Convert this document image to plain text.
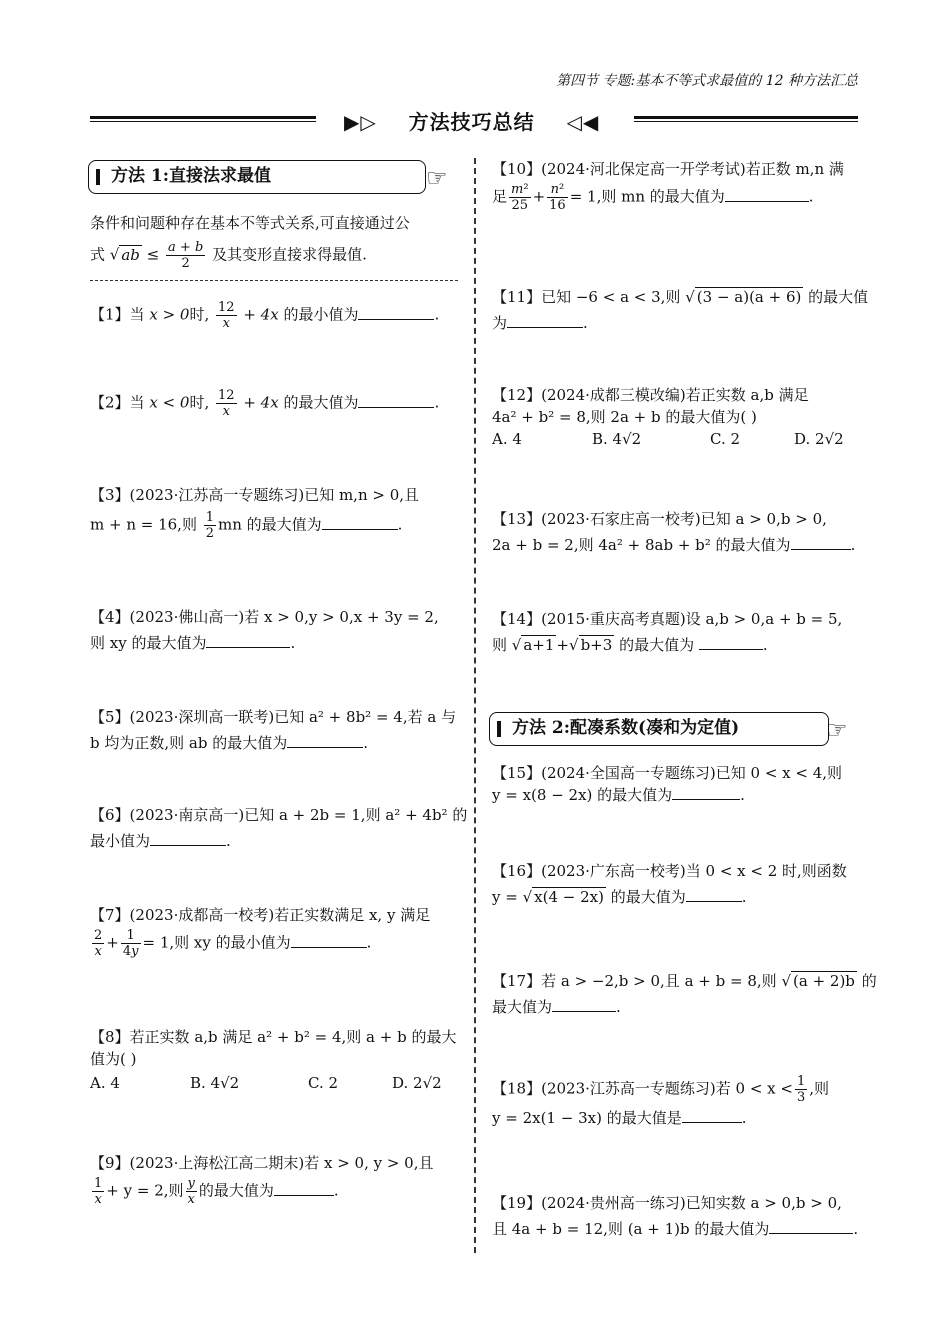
第四节 专题:基本不等式求最值的 12 种方法汇总
▶▷ 方法技巧总结 ◁◀
方法 1:直接法求最值	☞
条件和问题种存在基本不等式关系,可直接通过公
式 √ ab ≤ $\frac{a + b}{2}$ 及其变形直接求得最值.
【1】当 x > 0时, $\frac{12}{x} + 4x$ 的最小值为	.
【2】当 x < 0时, $\frac{12}{x} + 4x$ 的最大值为	.
【3】(2023·江苏高一专题练习)已知 m,n > 0,且
m + n = 16,则 $\frac{1}{2}$ mn 的最大值为	.
【4】(2023·佛山高一)若 x > 0,y > 0,x + 3y = 2,
则 xy 的最大值为	.
【5】(2023·深圳高一联考)已知 a² + 8b² = 4,若 a 与
b 均为正数,则 ab 的最大值为	.
【6】(2023·南京高一)已知 a + 2b = 1,则 a² + 4b² 的
最小值为	.
【7】(2023·成都高一校考)若正实数满足 x, y 满足
$\frac{2}{x} + \frac{1}{4y} = 1$,则 xy 的最小值为	.
【8】若正实数 a,b 满足 a² + b² = 4,则 a + b 的最大
值为( )
A. 4	B. 4√2	C. 2	D. 2√2
【9】(2023·上海松江高二期末)若 x > 0, y > 0,且
$\frac{1}{x} + y = 2$,则 $\frac{y}{x}$ 的最大值为	.
【10】(2024·河北保定高一开学考试)若正数 m,n 满
足 $\frac{\text{m²}}{25} + \frac{\text{n²}}{16} = 1$,则 mn 的最大值为	.
【11】已知 −6 < a < 3,则 √ (3 − a)(a + 6) 的最大值
为	.
【12】(2024·成都三模改编)若正实数 a,b 满足
4a² + b² = 8,则 2a + b 的最大值为( )
A. 4	B. 4√2	C. 2	D. 2√2
【13】(2023·石家庄高一校考)已知 a > 0,b > 0,
2a + b = 2,则 4a² + 8ab + b² 的最大值为	.
【14】(2015·重庆高考真题)设 a,b > 0,a + b = 5,
则 √ a+1 +√ b+3 的最大值为	.
方法 2:配凑系数(凑和为定值)	☞
【15】(2024·全国高一专题练习)已知 0 < x < 4,则
y = x(8 − 2x) 的最大值为	.
【16】(2023·广东高一校考)当 0 < x < 2 时,则函数
y = √ x(4 − 2x) 的最大值为	.
【17】若 a > −2,b > 0,且 a + b = 8,则 √ (a + 2)b 的
最大值为	.
【18】(2023·江苏高一专题练习)若 $0 < x < \frac{1}{3}$ ,则
y = 2x(1 − 3x) 的最大值是	.
【19】(2024·贵州高一练习)已知实数 a > 0,b > 0,
且 4a + b = 12,则 (a + 1)b 的最大值为	.
